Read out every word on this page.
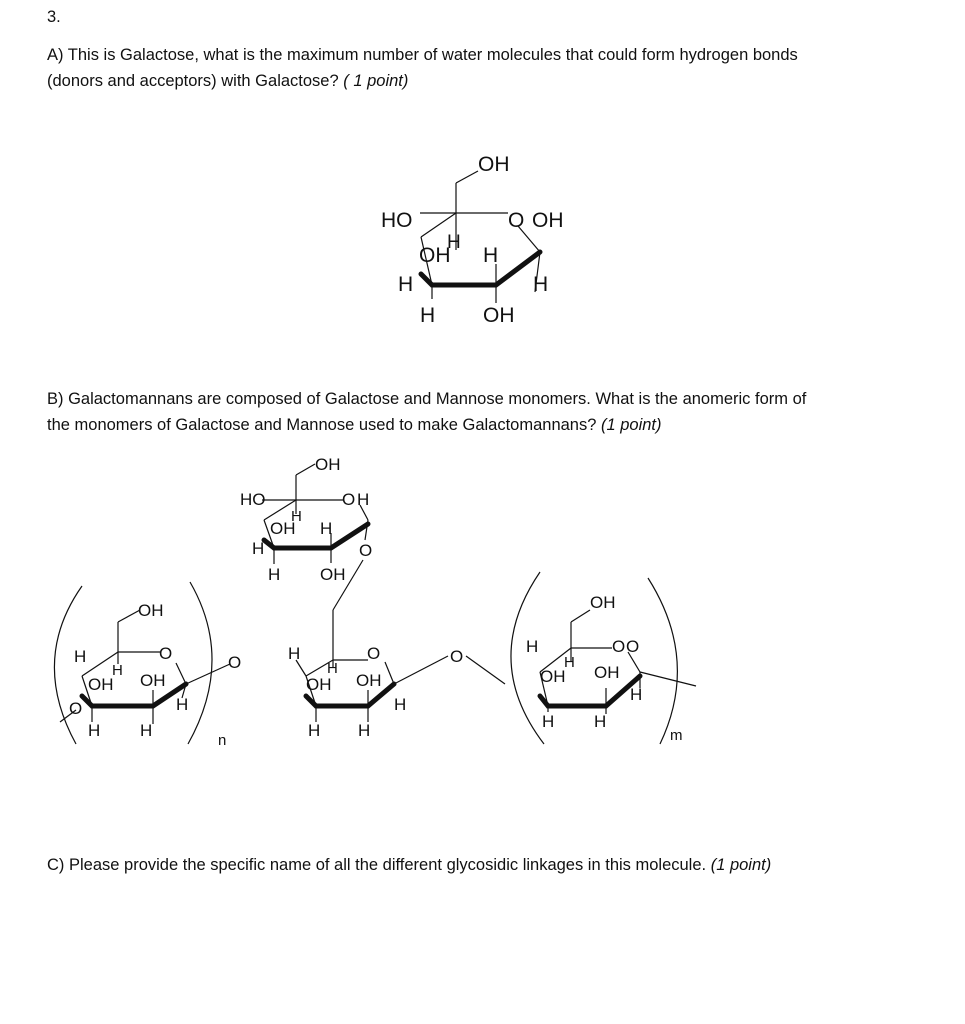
3.
A) This is Galactose, what is the maximum number of water molecules that could form hydrogen bonds
(donors and acceptors) with Galactose? ( 1 point)
B) Galactomannans are composed of Galactose and Mannose monomers. What is the anomeric form of
the monomers of Galactose and Mannose used to make Galactomannans? (1 point)
C) Please provide the specific name of all the different glycosidic linkages in this molecule. (1 point)
OH
HO	O OH
OH
H
H
H	H
H OH
OH
HO	O H
H
OH H
H	O
H OH
OH
H	O
H
OH OH
H
O
H H
n
O	H	O
H
OH OH
H
H H
O
OH
H	O O
H
OH OH
H
H H
m
